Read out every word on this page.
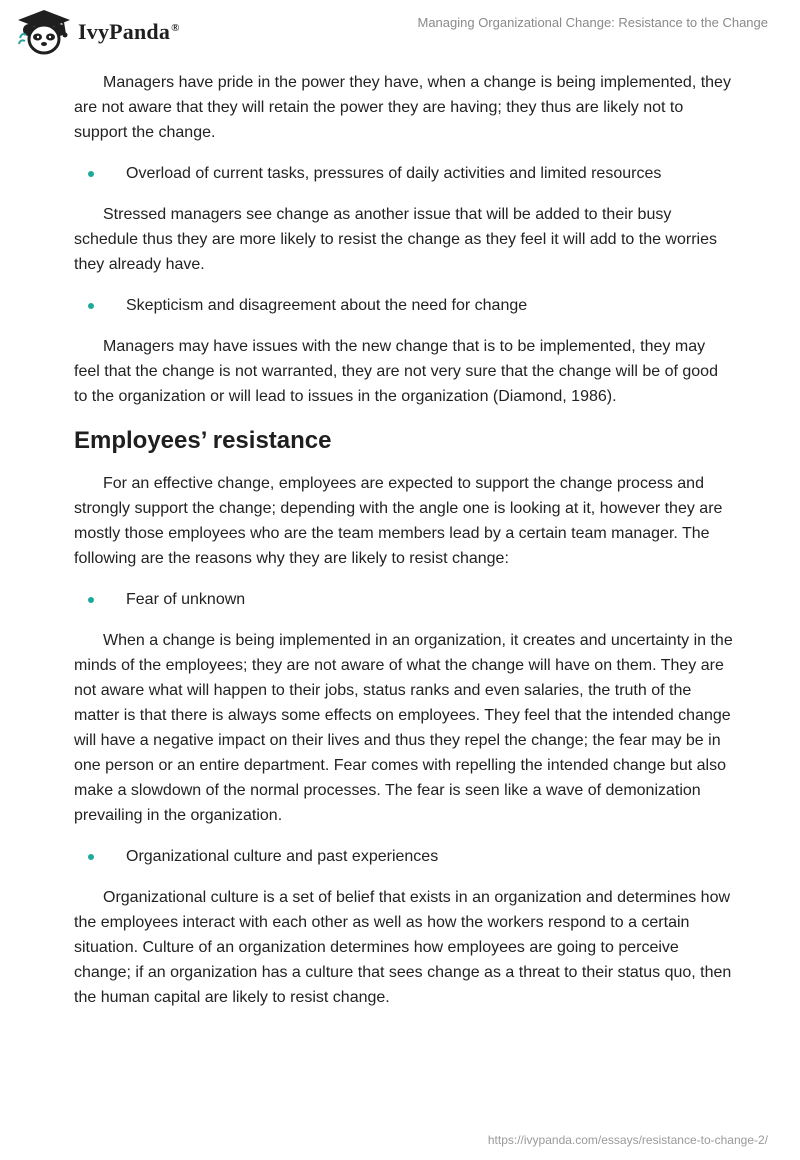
IvyPanda®	Managing Organizational Change: Resistance to the Change

Managers have pride in the power they have, when a change is being implemented, they are not aware that they will retain the power they are having; they thus are likely not to support the change.

Overload of current tasks, pressures of daily activities and limited resources

Stressed managers see change as another issue that will be added to their busy schedule thus they are more likely to resist the change as they feel it will add to the worries they already have.

Skepticism and disagreement about the need for change

Managers may have issues with the new change that is to be implemented, they may feel that the change is not warranted, they are not very sure that the change will be of good to the organization or will lead to issues in the organization (Diamond, 1986).

Employees’ resistance

For an effective change, employees are expected to support the change process and strongly support the change; depending with the angle one is looking at it, however they are mostly those employees who are the team members lead by a certain team manager. The following are the reasons why they are likely to resist change:

Fear of unknown

When a change is being implemented in an organization, it creates and uncertainty in the minds of the employees; they are not aware of what the change will have on them. They are not aware what will happen to their jobs, status ranks and even salaries, the truth of the matter is that there is always some effects on employees. They feel that the intended change will have a negative impact on their lives and thus they repel the change; the fear may be in one person or an entire department. Fear comes with repelling the intended change but also make a slowdown of the normal processes. The fear is seen like a wave of demonization prevailing in the organization.

Organizational culture and past experiences

Organizational culture is a set of belief that exists in an organization and determines how the employees interact with each other as well as how the workers respond to a certain situation. Culture of an organization determines how employees are going to perceive change; if an organization has a culture that sees change as a threat to their status quo, then the human capital are likely to resist change.

https://ivypanda.com/essays/resistance-to-change-2/
